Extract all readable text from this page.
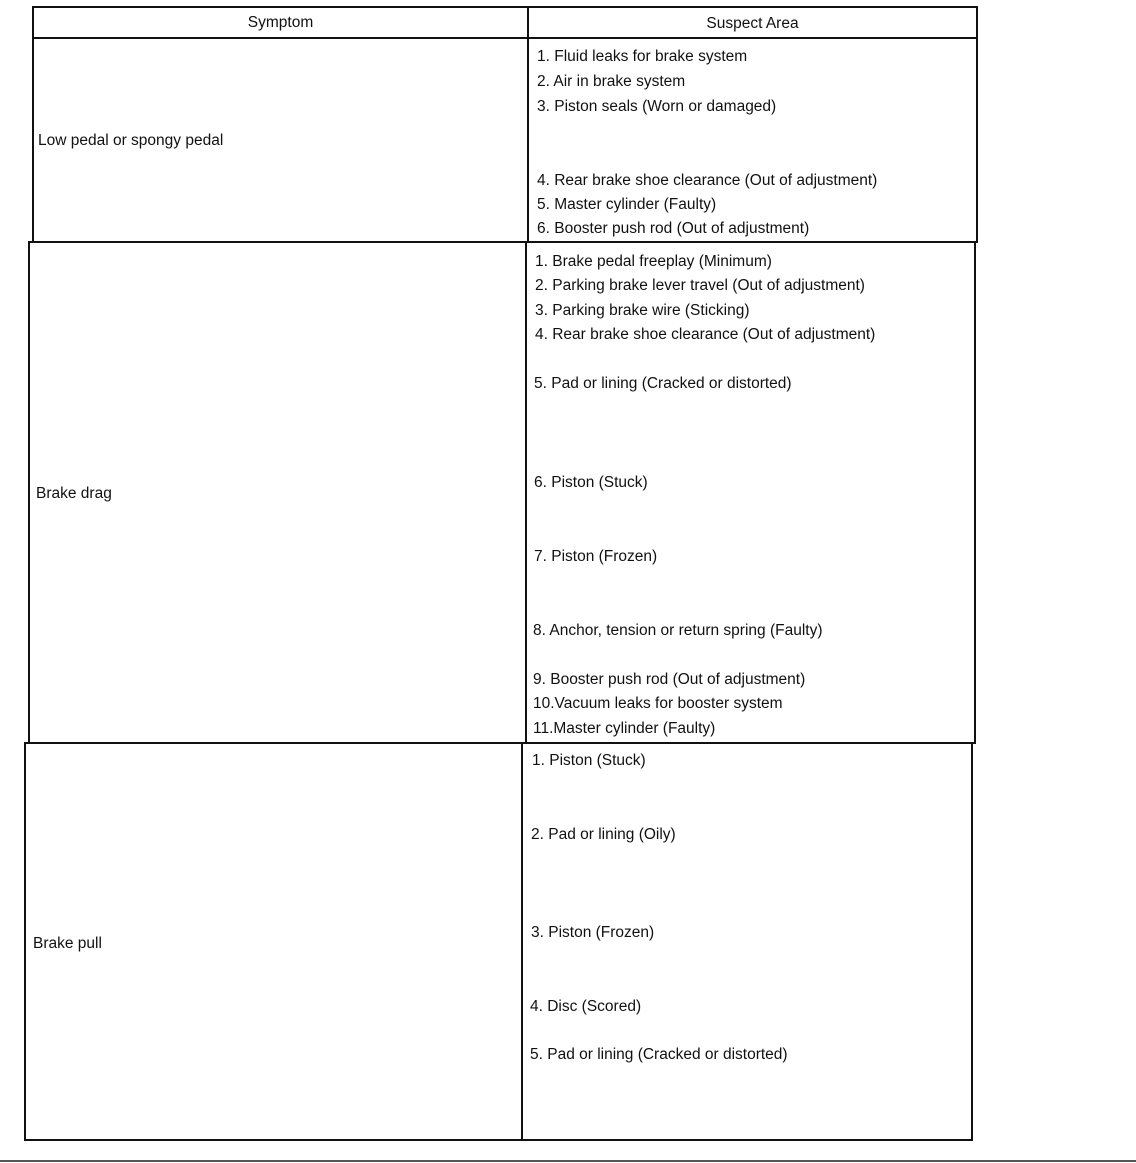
Symptom	Suspect Area
Low pedal or spongy pedal
1. Fluid leaks for brake system
2. Air in brake system
3. Piston seals (Worn or damaged)
4. Rear brake shoe clearance (Out of adjustment)
5. Master cylinder (Faulty)
6. Booster push rod (Out of adjustment)
Brake drag
1. Brake pedal freeplay (Minimum)
2. Parking brake lever travel (Out of adjustment)
3. Parking brake wire (Sticking)
4. Rear brake shoe clearance (Out of adjustment)
5. Pad or lining (Cracked or distorted)
6. Piston (Stuck)
7. Piston (Frozen)
8. Anchor, tension or return spring (Faulty)
9. Booster push rod (Out of adjustment)
10.Vacuum leaks for booster system
11.Master cylinder (Faulty)
Brake pull
1. Piston (Stuck)
2. Pad or lining (Oily)
3. Piston (Frozen)
4. Disc (Scored)
5. Pad or lining (Cracked or distorted)
